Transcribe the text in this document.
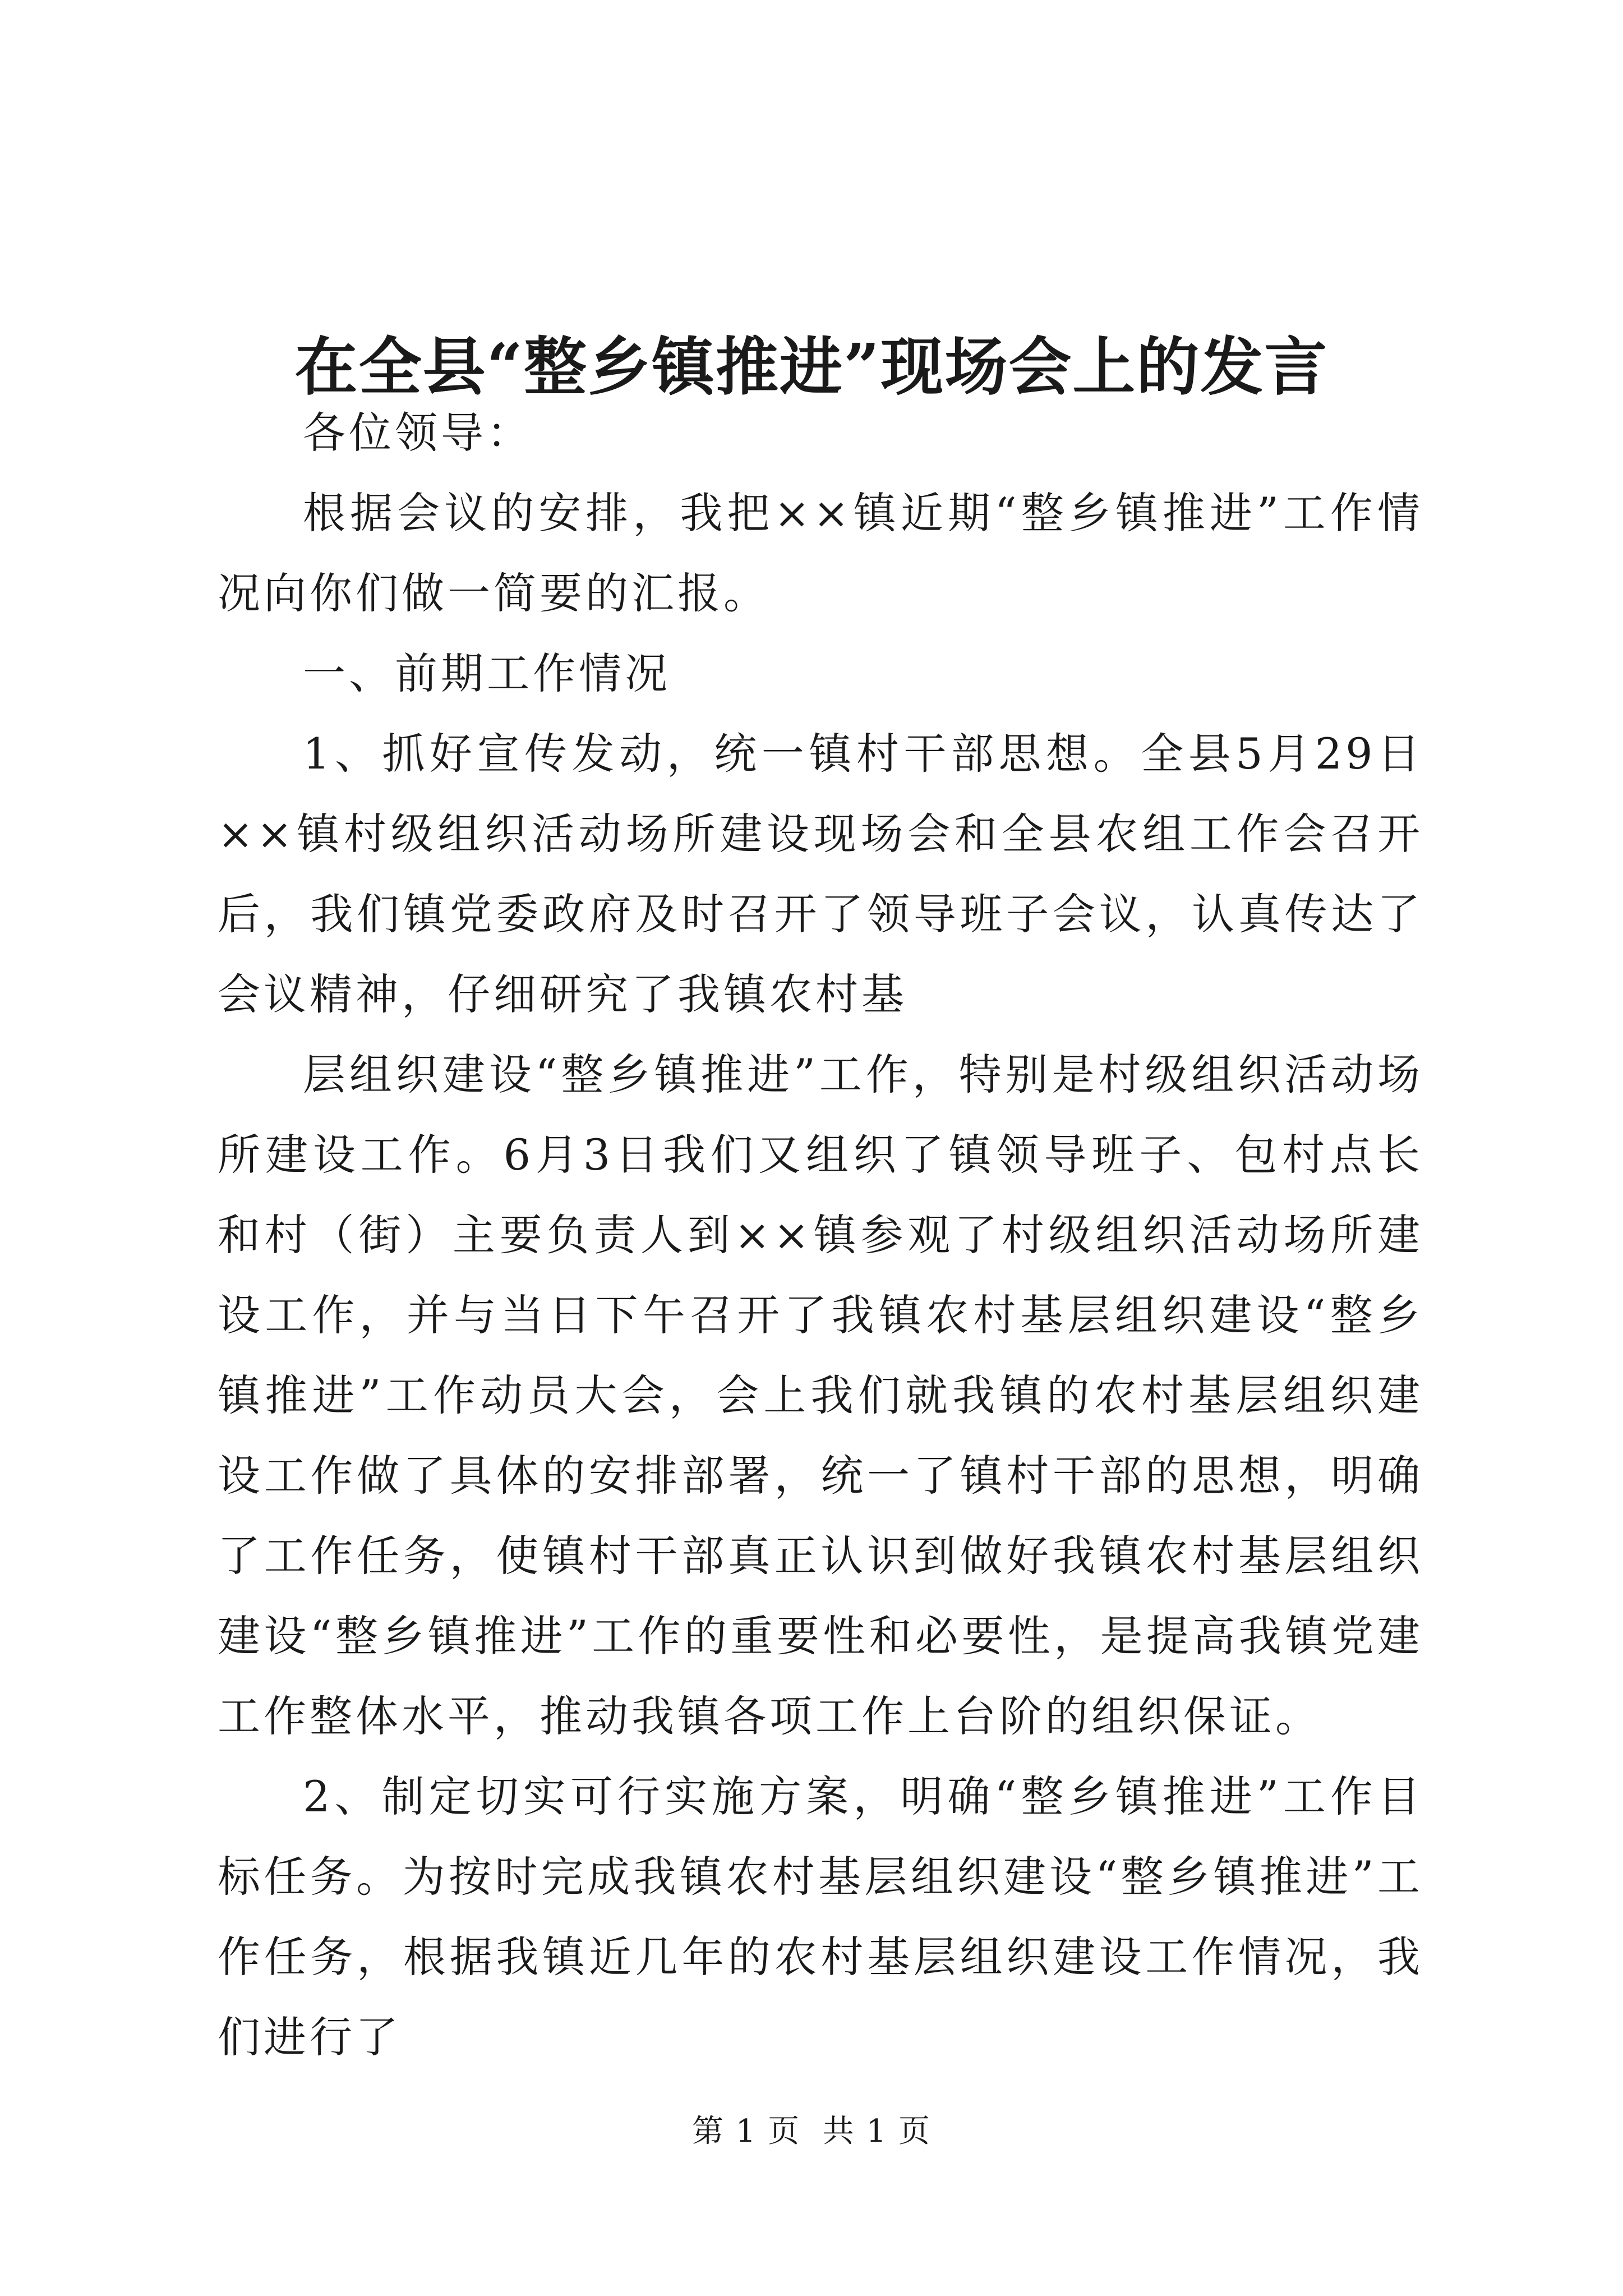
在全县“整乡镇推进”现场会上的发言

各位领导：

根据会议的安排，我把××镇近期“整乡镇推进”工作情况向你们做一简要的汇报。

一、前期工作情况

1、抓好宣传发动，统一镇村干部思想。全县5月29日××镇村级组织活动场所建设现场会和全县农组工作会召开后，我们镇党委政府及时召开了领导班子会议，认真传达了会议精神，仔细研究了我镇农村基

层组织建设“整乡镇推进”工作，特别是村级组织活动场所建设工作。6月3日我们又组织了镇领导班子、包村点长和村（街）主要负责人到××镇参观了村级组织活动场所建设工作，并与当日下午召开了我镇农村基层组织建设“整乡镇推进”工作动员大会，会上我们就我镇的农村基层组织建设工作做了具体的安排部署，统一了镇村干部的思想，明确了工作任务，使镇村干部真正认识到做好我镇农村基层组织建设“整乡镇推进”工作的重要性和必要性，是提高我镇党建工作整体水平，推动我镇各项工作上台阶的组织保证。

2、制定切实可行实施方案，明确“整乡镇推进”工作目标任务。为按时完成我镇农村基层组织建设“整乡镇推进”工作任务，根据我镇近几年的农村基层组织建设工作情况，我们进行了

第 1 页  共 1 页
